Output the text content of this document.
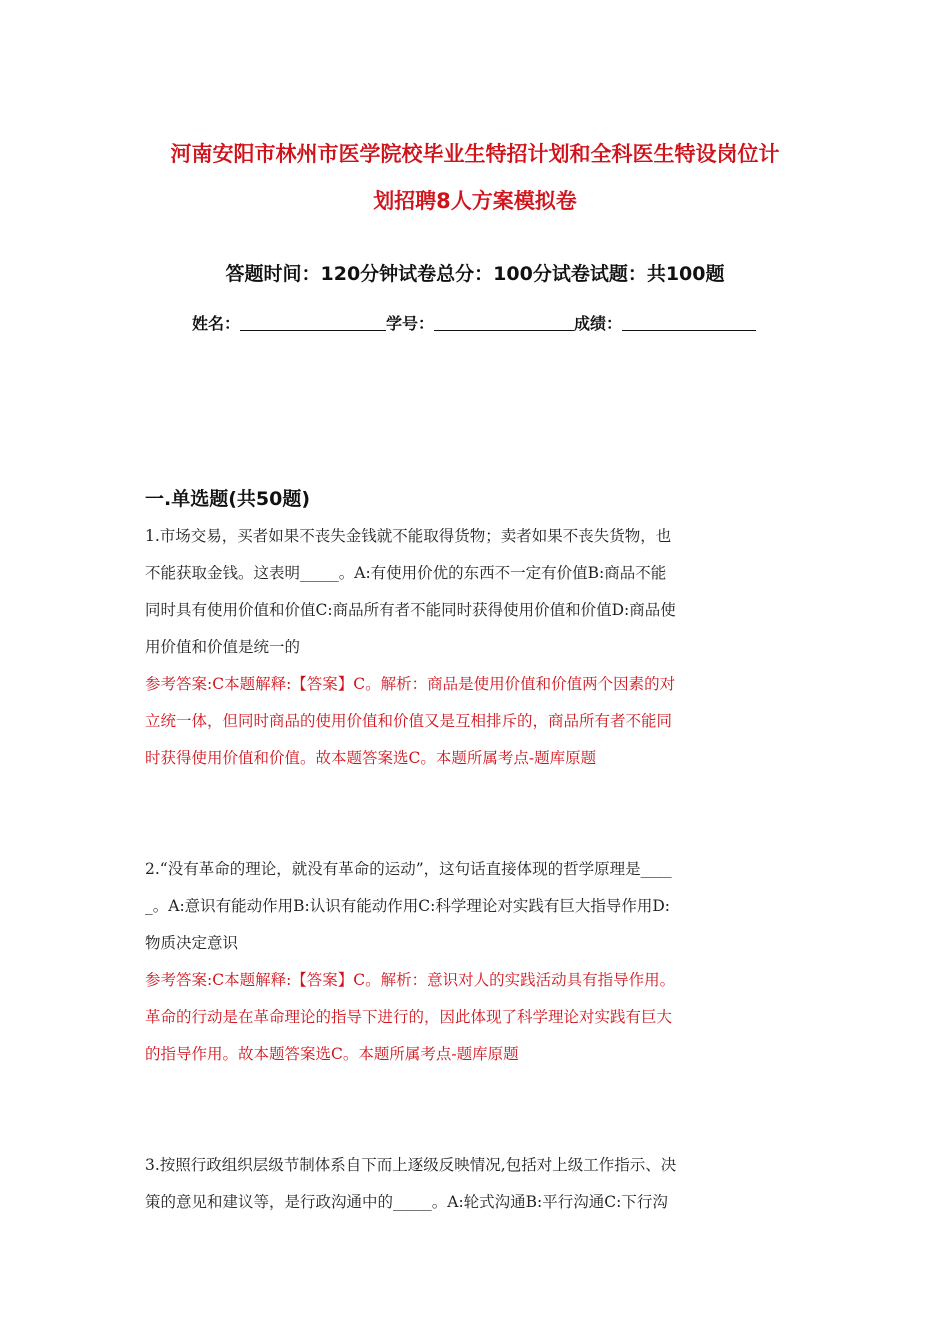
河南安阳市林州市医学院校毕业生特招计划和全科医生特设岗位计
划招聘8人方案模拟卷
答题时间：120分钟试卷总分：100分试卷试题：共100题
姓名：	学号：	成绩：
一.单选题(共50题)
1.市场交易，买者如果不丧失金钱就不能取得货物；卖者如果不丧失货物，也
不能获取金钱。这表明_____。A:有使用价优的东西不一定有价值B:商品不能
同时具有使用价值和价值C:商品所有者不能同时获得使用价值和价值D:商品使
用价值和价值是统一的
参考答案:C本题解释:【答案】C。解析：商品是使用价值和价值两个因素的对
立统一体，但同时商品的使用价值和价值又是互相排斥的，商品所有者不能同
时获得使用价值和价值。故本题答案选C。本题所属考点-题库原题
2.“没有革命的理论，就没有革命的运动”，这句话直接体现的哲学原理是____
_。A:意识有能动作用B:认识有能动作用C:科学理论对实践有巨大指导作用D:
物质决定意识
参考答案:C本题解释:【答案】C。解析：意识对人的实践活动具有指导作用。
革命的行动是在革命理论的指导下进行的，因此体现了科学理论对实践有巨大
的指导作用。故本题答案选C。本题所属考点-题库原题
3.按照行政组织层级节制体系自下而上逐级反映情况,包括对上级工作指示、决
策的意见和建议等，是行政沟通中的_____。A:轮式沟通B:平行沟通C:下行沟
